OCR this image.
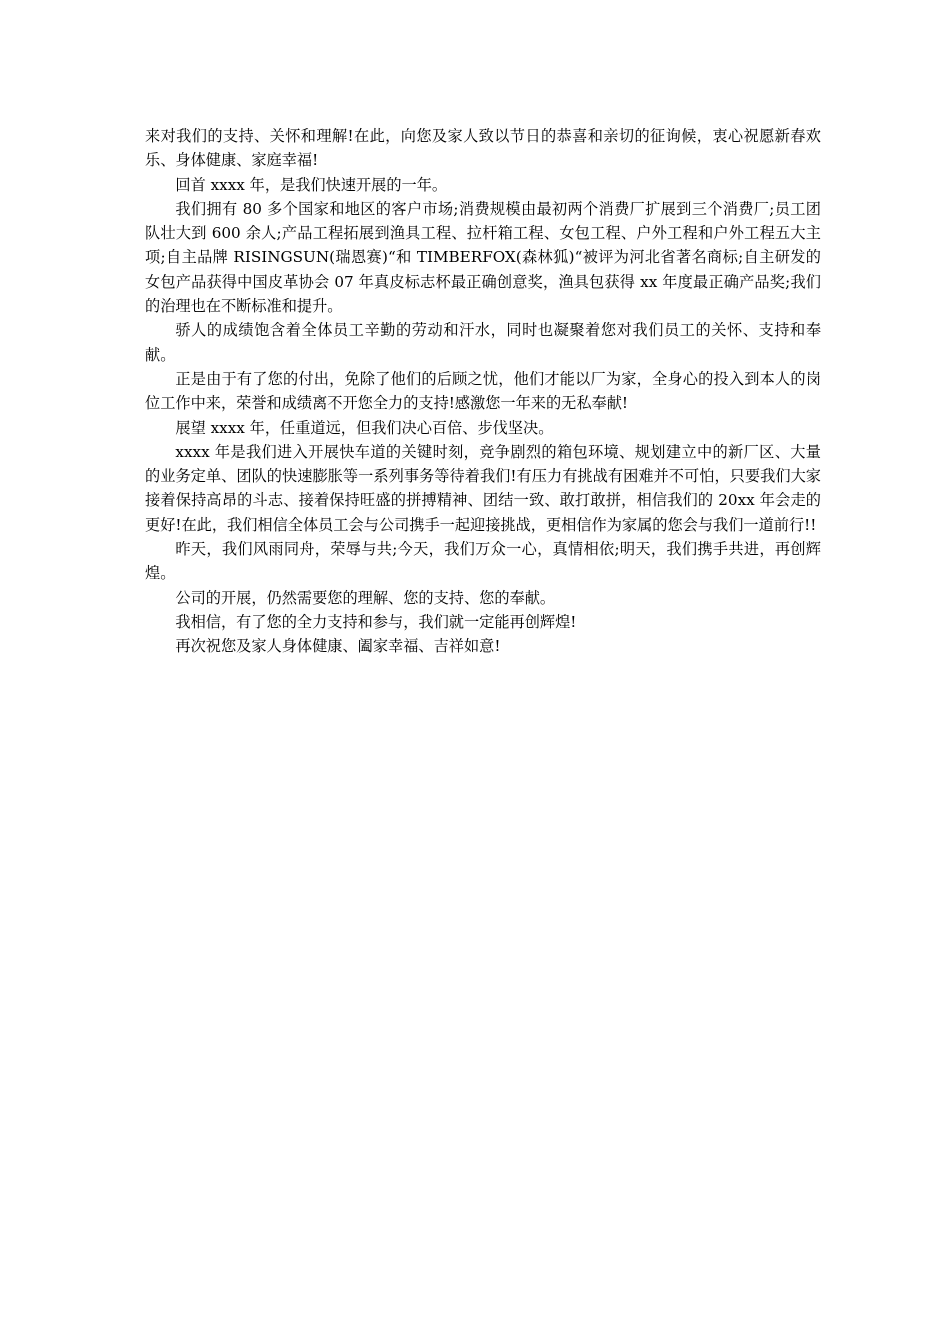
来对我们的支持、关怀和理解!在此，向您及家人致以节日的恭喜和亲切的征询候，衷心祝愿新春欢乐、身体健康、家庭幸福!

回首 xxxx 年，是我们快速开展的一年。

我们拥有 80 多个国家和地区的客户市场;消费规模由最初两个消费厂扩展到三个消费厂;员工团队壮大到 600 余人;产品工程拓展到渔具工程、拉杆箱工程、女包工程、户外工程和户外工程五大主项;自主品牌 RISINGSUN(瑞恩赛)“和 TIMBERFOX(森林狐)“被评为河北省著名商标;自主研发的女包产品获得中国皮革协会 07 年真皮标志杯最正确创意奖，渔具包获得 xx 年度最正确产品奖;我们的治理也在不断标准和提升。

骄人的成绩饱含着全体员工辛勤的劳动和汗水，同时也凝聚着您对我们员工的关怀、支持和奉献。

正是由于有了您的付出，免除了他们的后顾之忧，他们才能以厂为家，全身心的投入到本人的岗位工作中来，荣誉和成绩离不开您全力的支持!感激您一年来的无私奉献!

展望 xxxx 年，任重道远，但我们决心百倍、步伐坚决。

xxxx 年是我们进入开展快车道的关键时刻，竞争剧烈的箱包环境、规划建立中的新厂区、大量的业务定单、团队的快速膨胀等一系列事务等待着我们!有压力有挑战有困难并不可怕，只要我们大家接着保持高昂的斗志、接着保持旺盛的拼搏精神、团结一致、敢打敢拼，相信我们的 20xx 年会走的更好!在此，我们相信全体员工会与公司携手一起迎接挑战，更相信作为家属的您会与我们一道前行!!

昨天，我们风雨同舟，荣辱与共;今天，我们万众一心，真情相依;明天，我们携手共进，再创辉煌。

公司的开展，仍然需要您的理解、您的支持、您的奉献。

我相信，有了您的全力支持和参与，我们就一定能再创辉煌!

再次祝您及家人身体健康、阖家幸福、吉祥如意!
